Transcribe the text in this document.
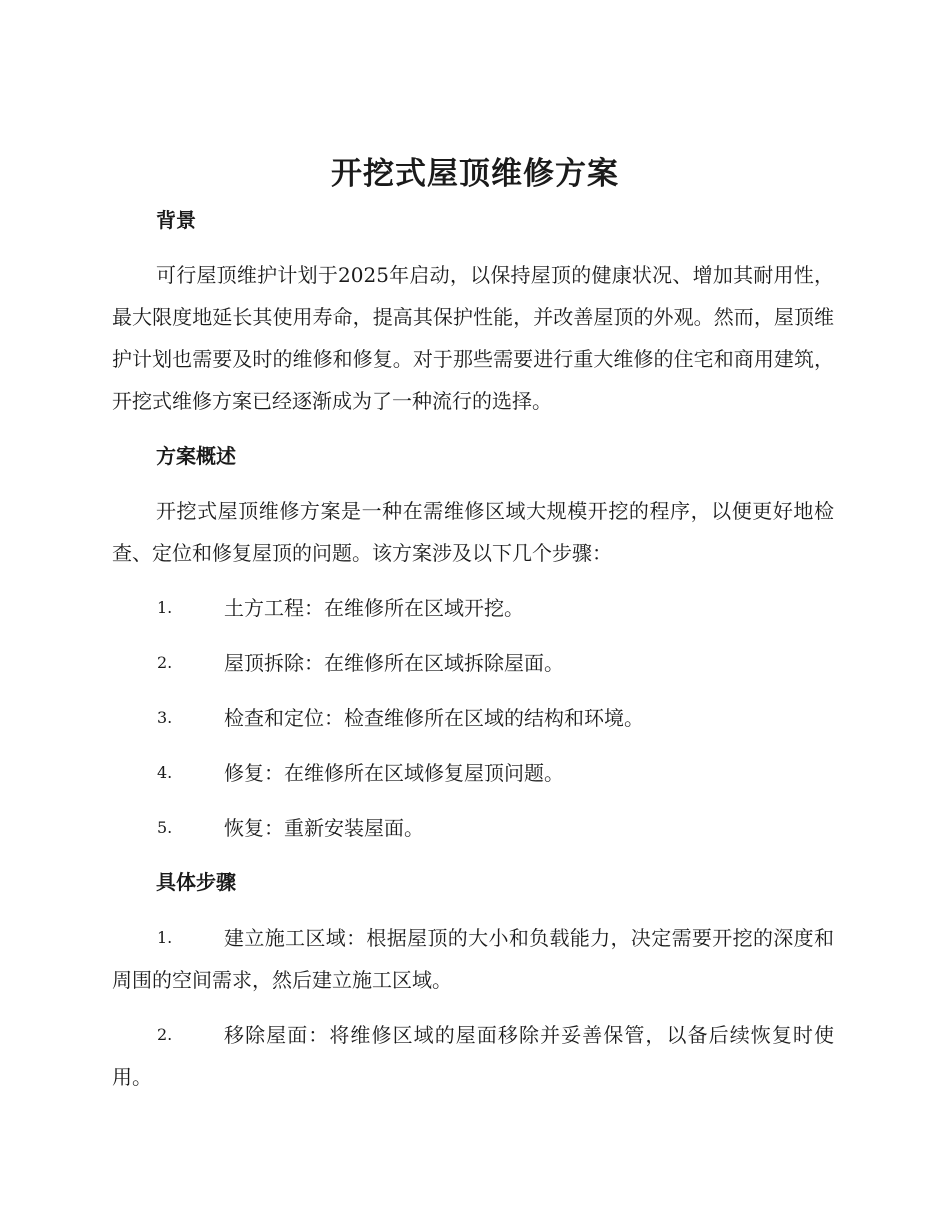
开挖式屋顶维修方案
背景

可行屋顶维护计划于2025年启动，以保持屋顶的健康状况、增加其耐用性，最大限度地延长其使用寿命，提高其保护性能，并改善屋顶的外观。然而，屋顶维护计划也需要及时的维修和修复。对于那些需要进行重大维修的住宅和商用建筑，开挖式维修方案已经逐渐成为了一种流行的选择。

方案概述

开挖式屋顶维修方案是一种在需维修区域大规模开挖的程序，以便更好地检查、定位和修复屋顶的问题。该方案涉及以下几个步骤：

1.	土方工程：在维修所在区域开挖。
2.	屋顶拆除：在维修所在区域拆除屋面。
3.	检查和定位：检查维修所在区域的结构和环境。
4.	修复：在维修所在区域修复屋顶问题。
5.	恢复：重新安装屋面。
具体步骤
1.	建立施工区域：根据屋顶的大小和负载能力，决定需要开挖的深度和周围的空间需求，然后建立施工区域。
2.	移除屋面：将维修区域的屋面移除并妥善保管，以备后续恢复时使用。
